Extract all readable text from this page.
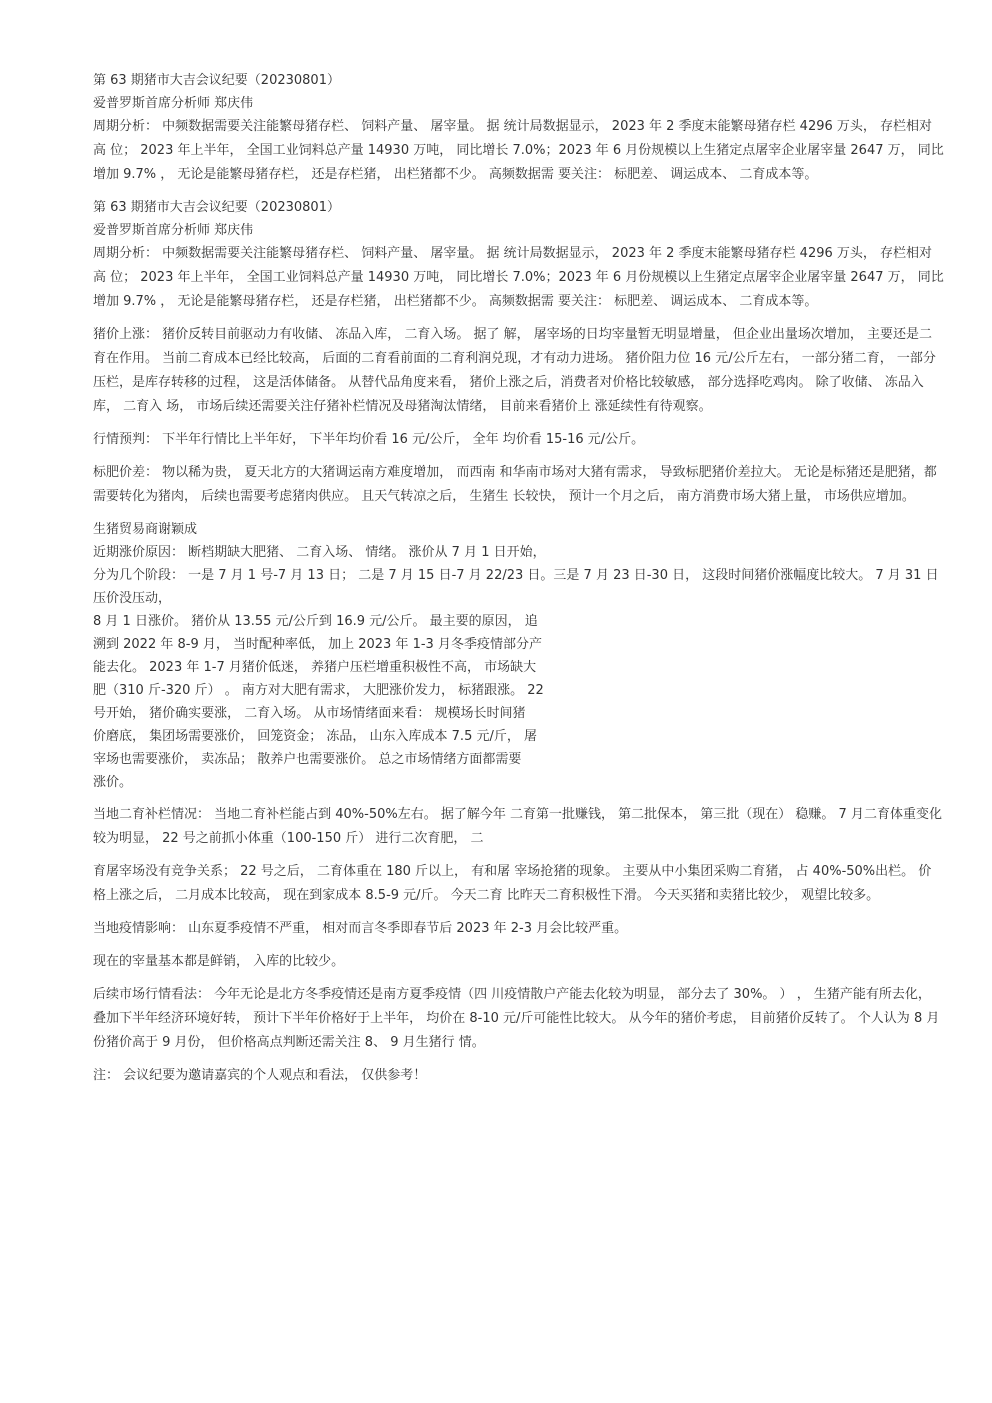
第 63 期猪市大吉会议纪要（20230801）
爱普罗斯首席分析师 郑庆伟
周期分析： 中频数据需要关注能繁母猪存栏、 饲料产量、 屠宰量。 据 统计局数据显示， 2023 年 2 季度末能繁母猪存栏 4296 万头， 存栏相对高 位； 2023 年上半年， 全国工业饲料总产量 14930 万吨， 同比增长 7.0%；2023 年 6 月份规模以上生猪定点屠宰企业屠宰量 2647 万， 同比增加 9.7% ， 无论是能繁母猪存栏， 还是存栏猪， 出栏猪都不少。 高频数据需 要关注： 标肥差、 调运成本、 二育成本等。
第 63 期猪市大吉会议纪要（20230801）
爱普罗斯首席分析师 郑庆伟
周期分析： 中频数据需要关注能繁母猪存栏、 饲料产量、 屠宰量。 据 统计局数据显示， 2023 年 2 季度末能繁母猪存栏 4296 万头， 存栏相对高 位； 2023 年上半年， 全国工业饲料总产量 14930 万吨， 同比增长 7.0%；2023 年 6 月份规模以上生猪定点屠宰企业屠宰量 2647 万， 同比增加 9.7% ， 无论是能繁母猪存栏， 还是存栏猪， 出栏猪都不少。 高频数据需 要关注： 标肥差、 调运成本、 二育成本等。
猪价上涨： 猪价反转目前驱动力有收储、 冻品入库， 二育入场。 据了 解， 屠宰场的日均宰量暂无明显增量， 但企业出量场次增加， 主要还是二 育在作用。 当前二育成本已经比较高， 后面的二育看前面的二育利润兑现，才有动力进场。 猪价阻力位 16 元/公斤左右， 一部分猪二育， 一部分压栏，是库存转移的过程， 这是活体储备。 从替代品角度来看， 猪价上涨之后，消费者对价格比较敏感， 部分选择吃鸡肉。 除了收储、 冻品入库， 二育入 场， 市场后续还需要关注仔猪补栏情况及母猪淘汰情绪， 目前来看猪价上 涨延续性有待观察。
行情预判： 下半年行情比上半年好， 下半年均价看 16 元/公斤， 全年 均价看 15-16 元/公斤。
标肥价差： 物以稀为贵， 夏天北方的大猪调运南方难度增加， 而西南 和华南市场对大猪有需求， 导致标肥猪价差拉大。 无论是标猪还是肥猪，都需要转化为猪肉， 后续也需要考虑猪肉供应。 且天气转凉之后， 生猪生 长较快， 预计一个月之后， 南方消费市场大猪上量， 市场供应增加。
生猪贸易商谢颖成
近期涨价原因： 断档期缺大肥猪、 二育入场、 情绪。 涨价从 7 月 1 日开始，
分为几个阶段： 一是 7 月 1 号-7 月 13 日； 二是 7 月 15 日-7 月 22/23 日。三是 7 月 23 日-30 日， 这段时间猪价涨幅度比较大。 7 月 31 日压价没压动，
8 月 1 日涨价。 猪价从 13.55 元/公斤到 16.9 元/公斤。 最主要的原因， 追
溯到 2022 年 8-9 月， 当时配种率低， 加上 2023 年 1-3 月冬季疫情部分产
能去化。 2023 年 1-7 月猪价低迷， 养猪户压栏增重积极性不高， 市场缺大
肥（310 斤-320 斤） 。 南方对大肥有需求， 大肥涨价发力， 标猪跟涨。 22
号开始， 猪价确实要涨， 二育入场。 从市场情绪面来看： 规模场长时间猪
价磨底， 集团场需要涨价， 回笼资金； 冻品， 山东入库成本 7.5 元/斤， 屠
宰场也需要涨价， 卖冻品； 散养户也需要涨价。 总之市场情绪方面都需要
涨价。
当地二育补栏情况： 当地二育补栏能占到 40%-50%左右。 据了解今年 二育第一批赚钱， 第二批保本， 第三批（现在） 稳赚。 7 月二育体重变化较为明显， 22 号之前抓小体重（100-150 斤） 进行二次育肥， 二
育屠宰场没有竞争关系； 22 号之后， 二育体重在 180 斤以上， 有和屠 宰场抢猪的现象。 主要从中小集团采购二育猪， 占 40%-50%出栏。 价 格上涨之后， 二月成本比较高， 现在到家成本 8.5-9 元/斤。 今天二育 比昨天二育积极性下滑。 今天买猪和卖猪比较少， 观望比较多。
当地疫情影响： 山东夏季疫情不严重， 相对而言冬季即春节后 2023 年 2-3 月会比较严重。
现在的宰量基本都是鲜销， 入库的比较少。
后续市场行情看法： 今年无论是北方冬季疫情还是南方夏季疫情（四 川疫情散户产能去化较为明显， 部分去了 30%。 ） ， 生猪产能有所去化， 叠加下半年经济环境好转， 预计下半年价格好于上半年， 均价在 8-10 元/斤可能性比较大。 从今年的猪价考虑， 目前猪价反转了。 个人认为 8 月份猪价高于 9 月份， 但价格高点判断还需关注 8、 9 月生猪行 情。
注： 会议纪要为邀请嘉宾的个人观点和看法， 仅供参考！
